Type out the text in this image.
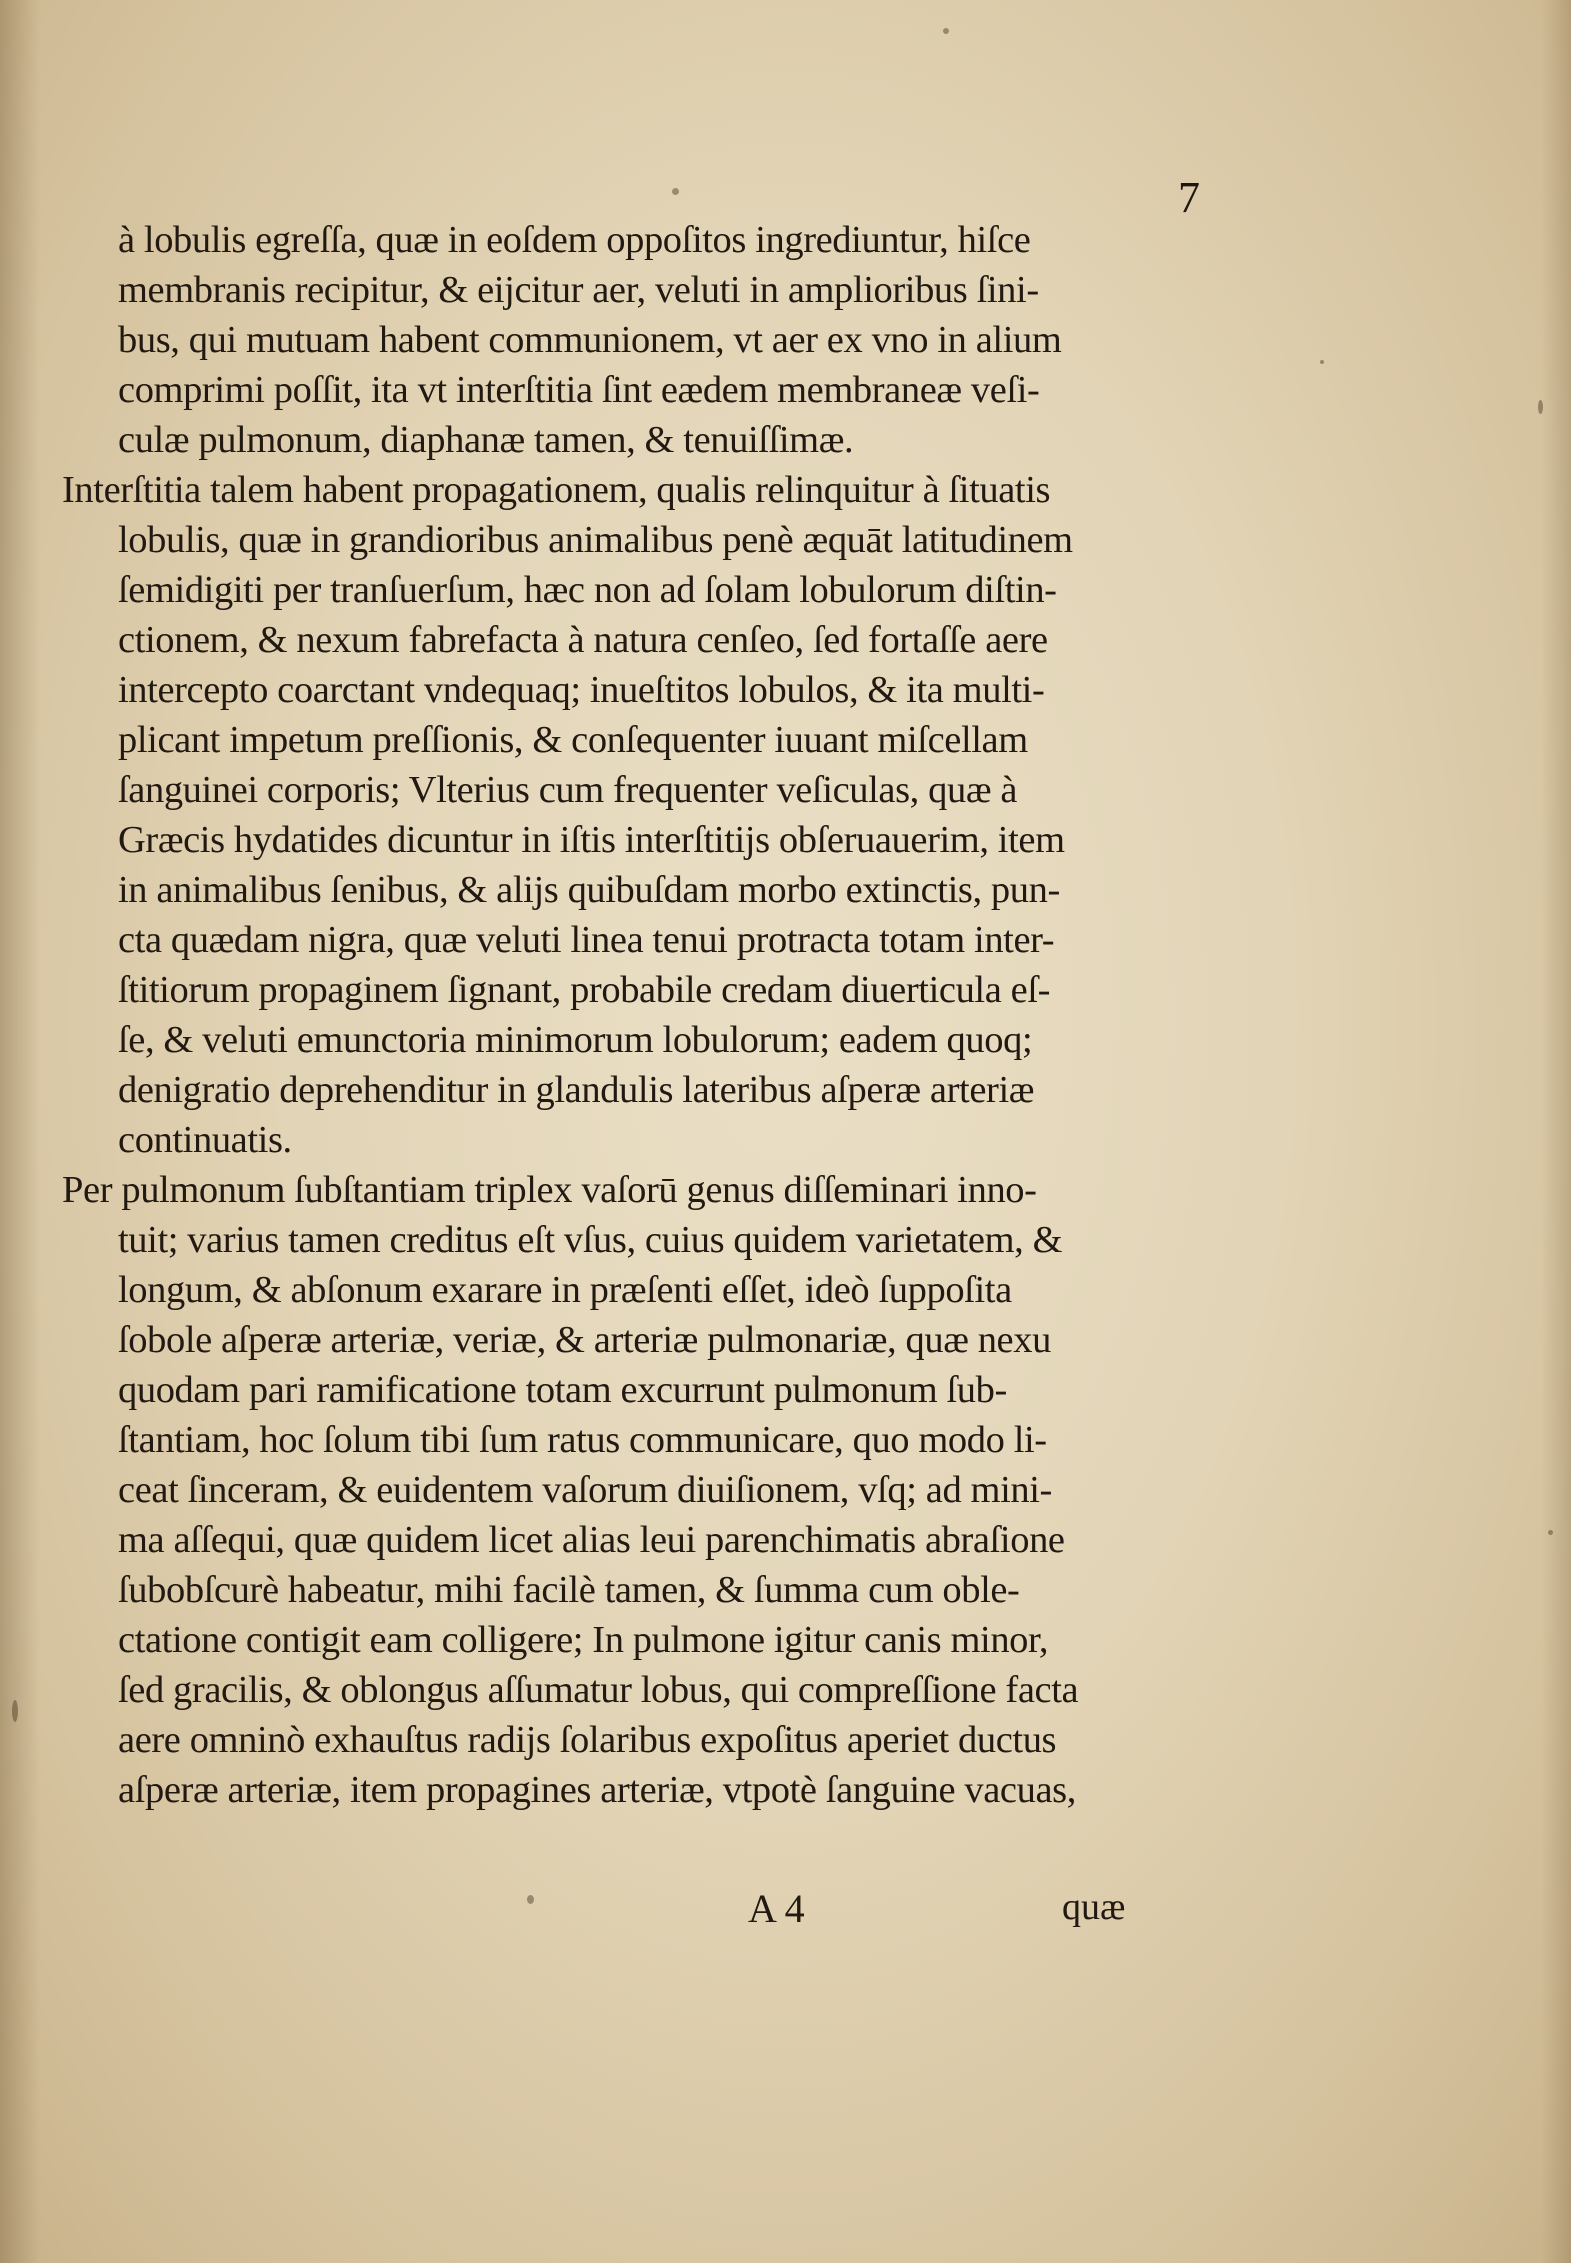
7
à lobulis egreſſa, quæ in eoſdem oppoſitos ingrediuntur, hiſce
membranis recipitur, & eijcitur aer, veluti in amplioribus ſini-
bus, qui mutuam habent communionem, vt aer ex vno in alium
comprimi poſſit, ita vt interſtitia ſint eædem membraneæ veſi-
culæ pulmonum, diaphanæ tamen, & tenuiſſimæ.
Interſtitia talem habent propagationem, qualis relinquitur à ſituatis
lobulis, quæ in grandioribus animalibus penè æquāt latitudinem
ſemidigiti per tranſuerſum, hæc non ad ſolam lobulorum diſtin-
ctionem, & nexum fabrefacta à natura cenſeo, ſed fortaſſe aere
intercepto coarctant vndequaq; inueſtitos lobulos, & ita multi-
plicant impetum preſſionis, & conſequenter iuuant miſcellam
ſanguinei corporis; Vlterius cum frequenter veſiculas, quæ à
Græcis hydatides dicuntur in iſtis interſtitijs obſeruauerim, item
in animalibus ſenibus, & alijs quibuſdam morbo extinctis, pun-
cta quædam nigra, quæ veluti linea tenui protracta totam inter-
ſtitiorum propaginem ſignant, probabile credam diuerticula eſ-
ſe, & veluti emunctoria minimorum lobulorum; eadem quoq;
denigratio deprehenditur in glandulis lateribus aſperæ arteriæ
continuatis.
Per pulmonum ſubſtantiam triplex vaſorū genus diſſeminari inno-
tuit; varius tamen creditus eſt vſus, cuius quidem varietatem, &
longum, & abſonum exarare in præſenti eſſet, ideò ſuppoſita
ſobole aſperæ arteriæ, veriæ, & arteriæ pulmonariæ, quæ nexu
quodam pari ramificatione totam excurrunt pulmonum ſub-
ſtantiam, hoc ſolum tibi ſum ratus communicare, quo modo li-
ceat ſinceram, & euidentem vaſorum diuiſionem, vſq; ad mini-
ma aſſequi, quæ quidem licet alias leui parenchimatis abraſione
ſubobſcurè habeatur, mihi facilè tamen, & ſumma cum oble-
ctatione contigit eam colligere; In pulmone igitur canis minor,
ſed gracilis, & oblongus aſſumatur lobus, qui compreſſione facta
aere omninò exhauſtus radijs ſolaribus expoſitus aperiet ductus
aſperæ arteriæ, item propagines arteriæ, vtpotè ſanguine vacuas,
A 4	quæ
